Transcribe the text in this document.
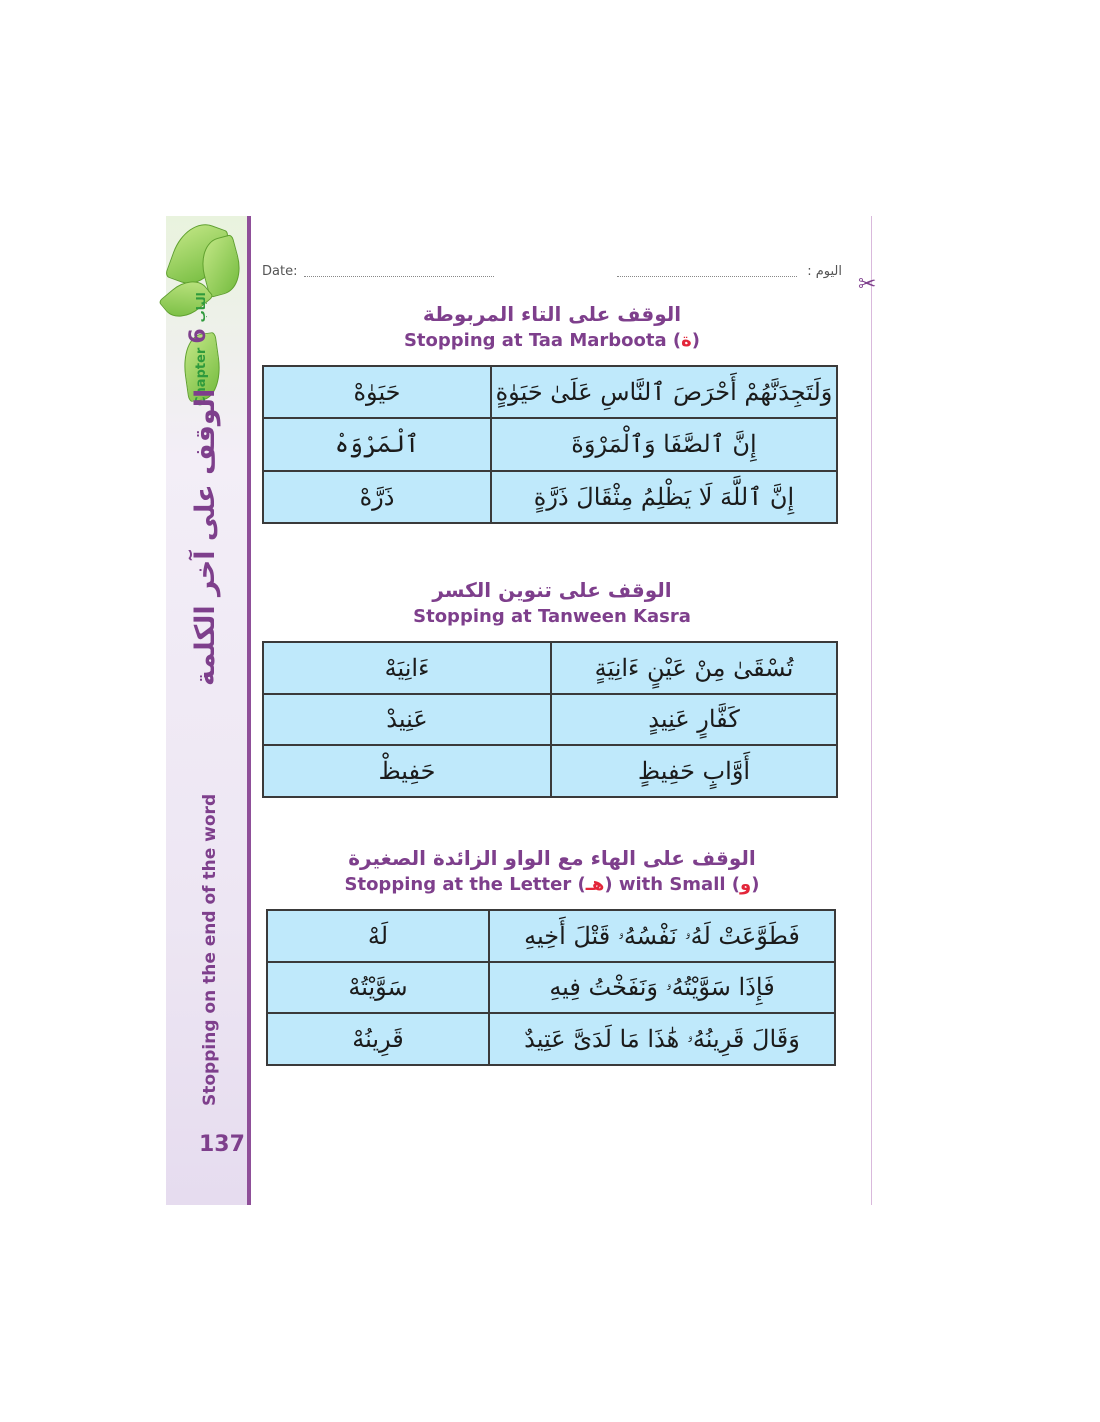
Chapter6الباب
الوقف على آخر الكلمة
Stopping on the end of the word
137
Date:	اليوم :
✂
الوقف على التاء المربوطة
Stopping at Taa Marboota (ة)
حَيَوٰهْ	وَلَتَجِدَنَّهُمْ أَحْرَصَ ٱلنَّاسِ عَلَىٰ حَيَوٰةٍ
ٱلْمَرْوَهْ	إِنَّ ٱلصَّفَا وَٱلْمَرْوَةَ
ذَرَّهْ	إِنَّ ٱللَّهَ لَا يَظْلِمُ مِثْقَالَ ذَرَّةٍ
الوقف على تنوين الكسر
Stopping at Tanween Kasra
ءَانِيَهْ	تُسْقَىٰ مِنْ عَيْنٍ ءَانِيَةٍ
عَنِيدْ	كَفَّارٍ عَنِيدٍ
حَفِيظْ	أَوَّابٍ حَفِيظٍ
الوقف على الهاء مع الواو الزائدة الصغيرة
Stopping at the Letter (هـ) with Small (و)
لَهْ	فَطَوَّعَتْ لَهُۥ نَفْسُهُۥ قَتْلَ أَخِيهِ
سَوَّيْتُهْ	فَإِذَا سَوَّيْتُهُۥ وَنَفَخْتُ فِيهِ
قَرِينُهْ	وَقَالَ قَرِينُهُۥ هَٰذَا مَا لَدَىَّ عَتِيدٌ
